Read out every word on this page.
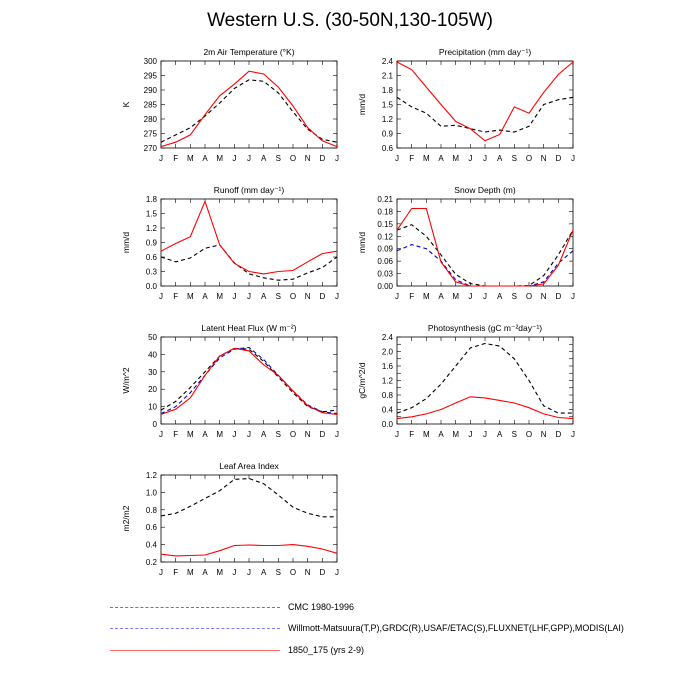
Western U.S. (30-50N,130-105W)
2m Air Temperature (°K)
K
270
275
280
285
290
295
300
J F M A M J J A S O N D J
Precipitation (mm day⁻¹)
mm/d
0.6
0.9
1.2
1.5
1.8
2.1
2.4
J F M A M J J A S O N D J
Runoff (mm day⁻¹)
mm/d
0.0
0.3
0.6
0.9
1.2
1.5
1.8
J F M A M J J A S O N D J
Snow Depth (m)
mm/d
0.00
0.03
0.06
0.09
0.12
0.15
0.18
0.21
J F M A M J J A S O N D J
Latent Heat Flux (W m⁻²)
W/m^2
0
10
20
30
40
50
J F M A M J J A S O N D J
Photosynthesis (gC m⁻²day⁻¹)
gC/m^2/d
0.0
0.4
0.8
1.2
1.6
2.0
2.4
J F M A M J J A S O N D J
Leaf Area Index
m2/m2
0.2
0.4
0.6
0.8
1.0
1.2
J F M A M J J A S O N D J
CMC 1980-1996
Willmott-Matsuura(T,P),GRDC(R),USAF/ETAC(S),FLUXNET(LHF,GPP),MODIS(LAI)
1850_175 (yrs 2-9)
